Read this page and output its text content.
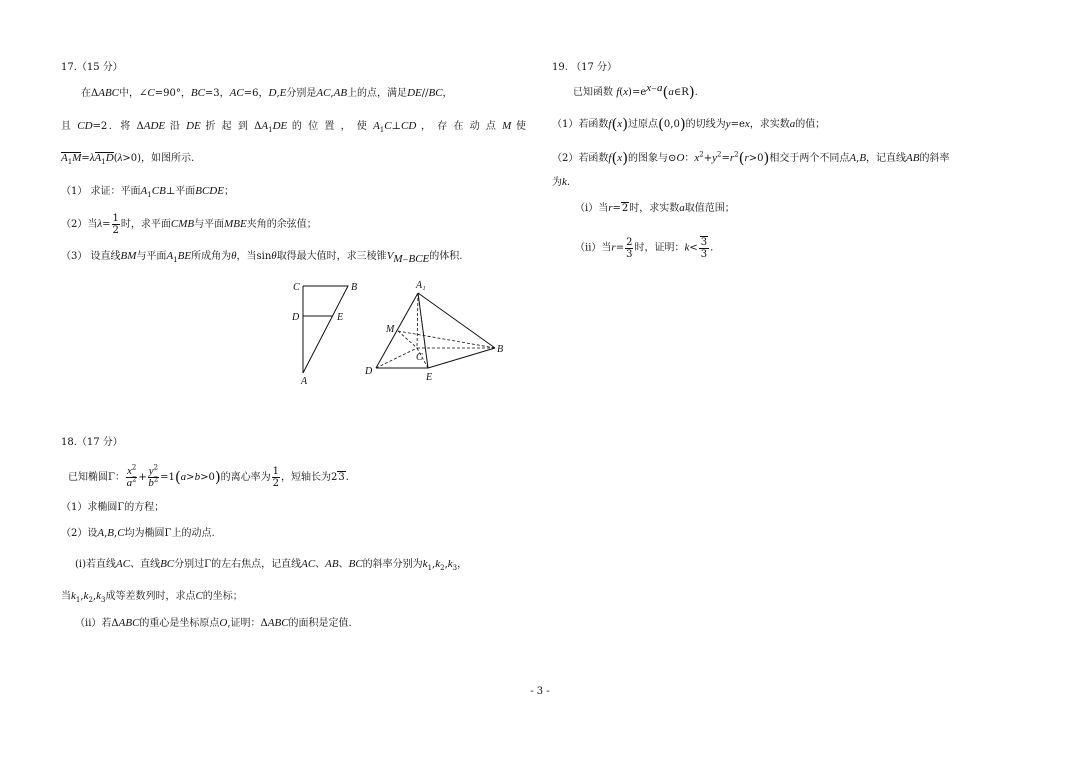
17.（15 分）
在ΔABC中，∠C=90°，BC=3，AC=6，D,E分别是AC,AB上的点，满足DE//BC，
且 CD=2．将 ΔADE 沿 DE 折 起 到 $\Delta A_1DE$ 的 位 置 ， 使 $A_1C\perp CD$ ， 存 在 动 点 M 使
$A_1M=\lambda A_1D(\lambda>0)$，如图所示.
（1） 求证：平面$A_1CB\perp$平面BCDE；
（2）当$\lambda= \frac{1}{2}$ 时，求平面CMB与平面MBE夹角的余弦值；
（3） 设直线BM与平面$A_1BE$所成角为θ，当sinθ取得最大值时，求三棱锥$V_{M-BCE}$的体积.
C	B
D	E
A
A₁
M
C
B
D
E
18.（17 分）
已知椭圆Γ： $\frac{x^2}{a^2} + \frac{y^2}{b^2} =1(a>b>0)$的离心率为 $\frac{1}{2}$ ，短轴长为23.
（1）求椭圆Γ的方程；
（2）设A,B,C均为椭圆Γ上的动点.
(i)若直线AC、直线BC分别过Γ的左右焦点，记直线AC、AB、BC的斜率分别为$k_1,k_2,k_3$，
当$k_1,k_2,k_3$成等差数列时，求点C的坐标；
（ii）若ΔABC的重心是坐标原点O,证明：ΔABC的面积是定值.
19. （17 分）
已知函数 $f(x)=e^{x-a}(a\in R)$.
（1）若函数f(x)过原点(0,0)的切线为y=ex，求实数a的值；
（2）若函数f(x)的图象与⊙O：$x^2+y^2=r^2(r>0)$相交于两个不同点A,B，记直线AB的斜率
为k.
（i）当r=2时，求实数a取值范围；
（ii）当$r= \frac{2}{3}$ 时，证明：$k< \frac{3}{3}$ .
- 3 -
